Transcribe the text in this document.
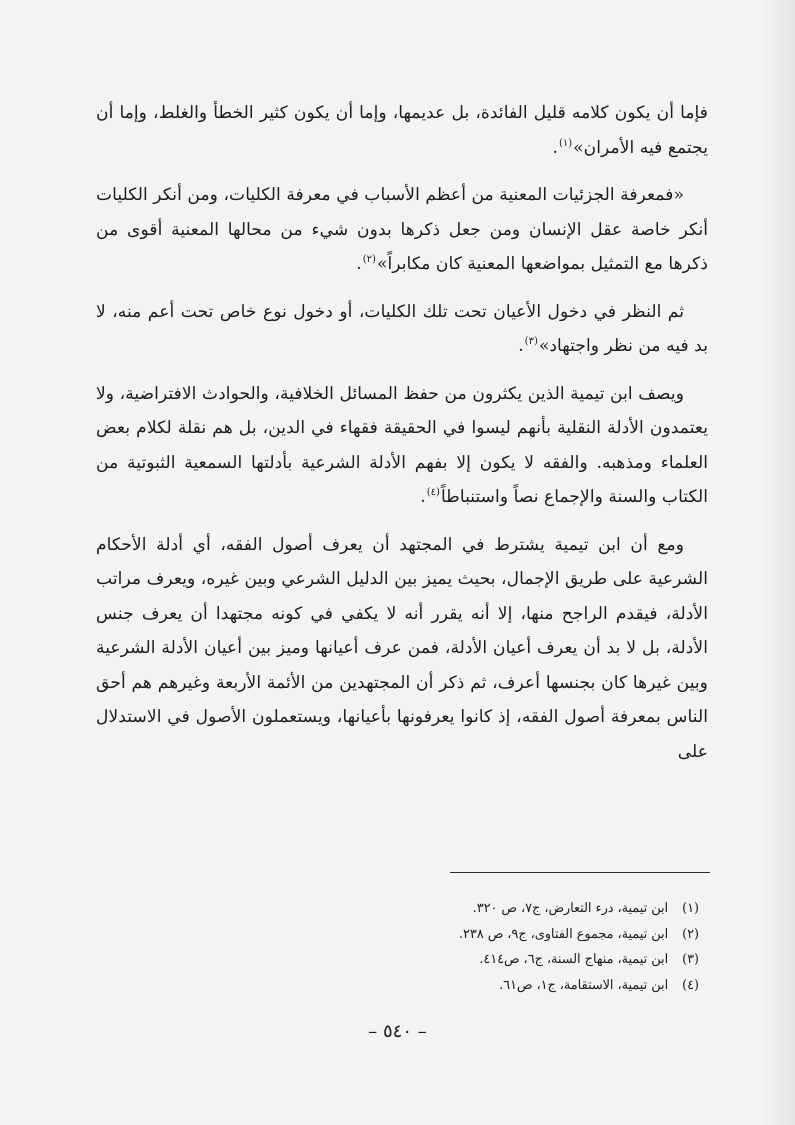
فإما أن يكون كلامه قليل الفائدة، بل عديمها، وإما أن يكون كثير الخطأ والغلط، وإما أن يجتمع فيه الأمران»$^{(١)}$.

«فمعرفة الجزئيات المعنية من أعظم الأسباب في معرفة الكليات، ومن أنكر الكليات أنكر خاصة عقل الإنسان ومن جعل ذكرها بدون شيء من محالها المعنية أقوى من ذكرها مع التمثيل بمواضعها المعنية كان مكابراً»$^{(٢)}$.

ثم النظر في دخول الأعيان تحت تلك الكليات، أو دخول نوع خاص تحت أعم منه، لا بد فيه من نظر واجتهاد»$^{(٣)}$.

ويصف ابن تيمية الذين يكثرون من حفظ المسائل الخلافية، والحوادث الافتراضية، ولا يعتمدون الأدلة النقلية بأنهم ليسوا في الحقيقة فقهاء في الدين، بل هم نقلة لكلام بعض العلماء ومذهبه. والفقه لا يكون إلا بفهم الأدلة الشرعية بأدلتها السمعية الثبوتية من الكتاب والسنة والإجماع نصاً واستنباطاً$^{(٤)}$.

ومع أن ابن تيمية يشترط في المجتهد أن يعرف أصول الفقه، أي أدلة الأحكام الشرعية على طريق الإجمال، بحيث يميز بين الدليل الشرعي وبين غيره، ويعرف مراتب الأدلة، فيقدم الراجح منها، إلا أنه يقرر أنه لا يكفي في كونه مجتهدا أن يعرف جنس الأدلة، بل لا بد أن يعرف أعيان الأدلة، فمن عرف أعيانها وميز بين أعيان الأدلة الشرعية وبين غيرها كان بجنسها أعرف، ثم ذكر أن المجتهدين من الأئمة الأربعة وغيرهم هم أحق الناس بمعرفة أصول الفقه، إذ كانوا يعرفونها بأعيانها، ويستعملون الأصول في الاستدلال على

(١)ابن تيمية، درء التعارض، ج٧، ص ٣٢٠.
(٢)ابن تيمية، مجموع الفتاوى، ج٩، ص ٢٣٨.
(٣)ابن تيمية، منهاج السنة، ج٦، ص٤١٤.
(٤)ابن تيمية، الاستقامة، ج١، ص٦١.
– ٥٤٠ –
